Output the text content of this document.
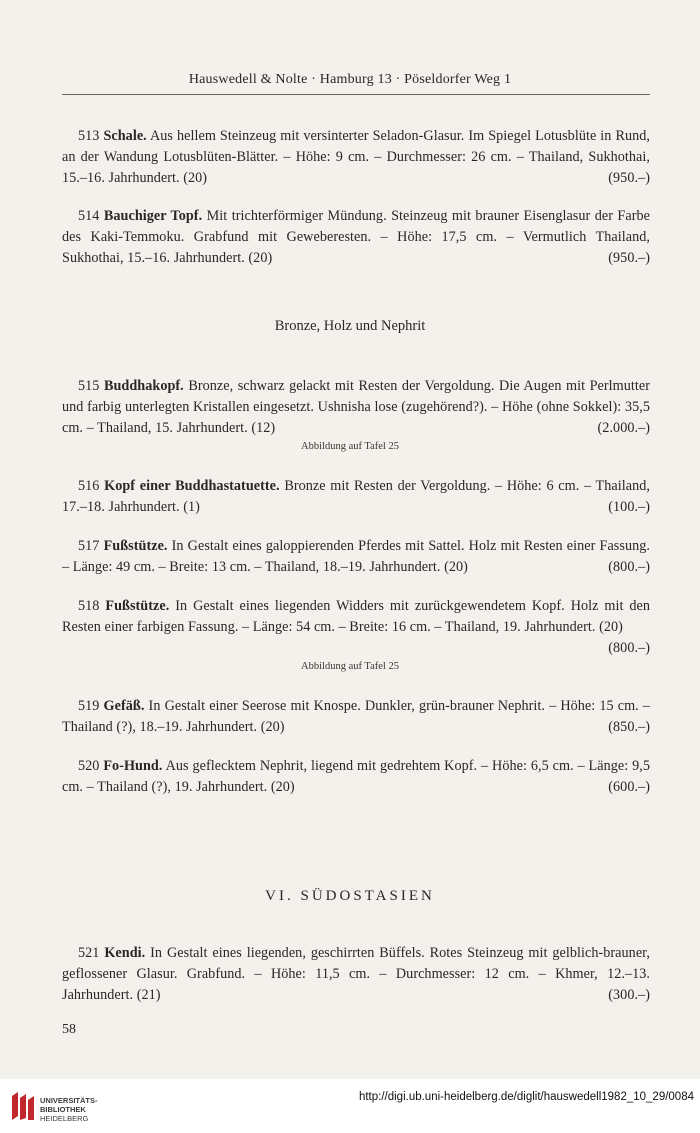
Hauswedell & Nolte · Hamburg 13 · Pöseldorfer Weg 1
513 Schale. Aus hellem Steinzeug mit versinterter Seladon-Glasur. Im Spiegel Lotusblüte in Rund, an der Wandung Lotusblüten-Blätter. – Höhe: 9 cm. – Durchmesser: 26 cm. – Thailand, Sukhothai, 15.–16. Jahrhundert. (20)	(950.–)
514 Bauchiger Topf. Mit trichterförmiger Mündung. Steinzeug mit brauner Eisenglasur der Farbe des Kaki-Temmoku. Grabfund mit Geweberesten. – Höhe: 17,5 cm. – Vermutlich Thailand, Sukhothai, 15.–16. Jahrhundert. (20)	(950.–)
Bronze, Holz und Nephrit
515 Buddhakopf. Bronze, schwarz gelackt mit Resten der Vergoldung. Die Augen mit Perlmutter und farbig unterlegten Kristallen eingesetzt. Ushnisha lose (zugehörend?). – Höhe (ohne Sokkel): 35,5 cm. – Thailand, 15. Jahrhundert. (12)	(2.000.–)
Abbildung auf Tafel 25
516 Kopf einer Buddhastatuette. Bronze mit Resten der Vergoldung. – Höhe: 6 cm. – Thailand, 17.–18. Jahrhundert. (1)	(100.–)
517 Fußstütze. In Gestalt eines galoppierenden Pferdes mit Sattel. Holz mit Resten einer Fassung. – Länge: 49 cm. – Breite: 13 cm. – Thailand, 18.–19. Jahrhundert. (20)	(800.–)
518 Fußstütze. In Gestalt eines liegenden Widders mit zurückgewendetem Kopf. Holz mit den Resten einer farbigen Fassung. – Länge: 54 cm. – Breite: 16 cm. – Thailand, 19. Jahrhundert. (20)
(800.–)
Abbildung auf Tafel 25
519 Gefäß. In Gestalt einer Seerose mit Knospe. Dunkler, grün-brauner Nephrit. – Höhe: 15 cm. – Thailand (?), 18.–19. Jahrhundert. (20)	(850.–)
520 Fo-Hund. Aus geflecktem Nephrit, liegend mit gedrehtem Kopf. – Höhe: 6,5 cm. – Länge: 9,5 cm. – Thailand (?), 19. Jahrhundert. (20)	(600.–)
VI. SÜDOSTASIEN
521 Kendi. In Gestalt eines liegenden, geschirrten Büffels. Rotes Steinzeug mit gelblich-brauner, geflossener Glasur. Grabfund. – Höhe: 11,5 cm. – Durchmesser: 12 cm. – Khmer, 12.–13. Jahrhundert. (21)	(300.–)
58
UNIVERSITÄTS-
BIBLIOTHEK
HEIDELBERG
http://digi.ub.uni-heidelberg.de/diglit/hauswedell1982_10_29/0084
